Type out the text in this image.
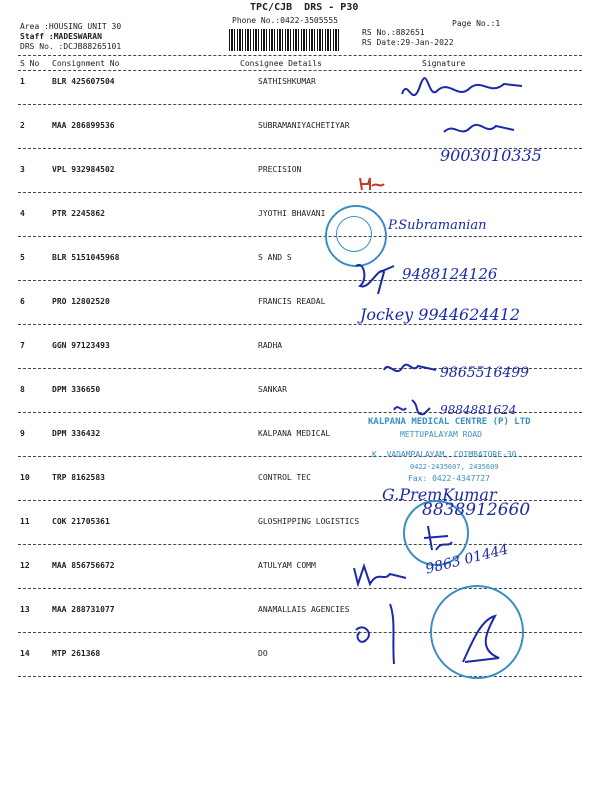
TPC/CJB  DRS - P30
Phone No.:0422-3505555
Area :HOUSING UNIT 30
Staff :MADESWARAN
DRS No. :DCJB88265101
RS No.:882651
RS Date:29-Jan-2022
Page No.:1
S No Consignment No	Consignee Details	Signature
1	BLR 425607504	SATHISHKUMAR
2	MAA 286899536	SUBRAMANIYACHETIYAR
3	VPL 932984502	PRECISION
4	PTR 2245862	JYOTHI BHAVANI
5	BLR 5151045968	S AND S
6	PRO 12802520	FRANCIS READAL
7	GGN 97123493	RADHA
8	DPM 336650	SANKAR
9	DPM 336432	KALPANA MEDICAL
10	TRP 8162583	CONTROL TEC
11	COK 21705361	GLOSHIPPING LOGISTICS
12	MAA 856756672	ATULYAM COMM
13	MAA 288731077	ANAMALLAIS AGENCIES
14	MTP 261368	DO
KALPANA MEDICAL CENTRE (P) LTD
METTUPALAYAM ROAD
K. VADAMPALAYAM, COIMBATORE-30.
0422-2435607, 2435609
Fax: 0422-4347727
9003010335
P.Subramanian
9488124126
Jockey 9944624412
9865516499
9884881624
G.PremKumar
8838912660
9863 01444
